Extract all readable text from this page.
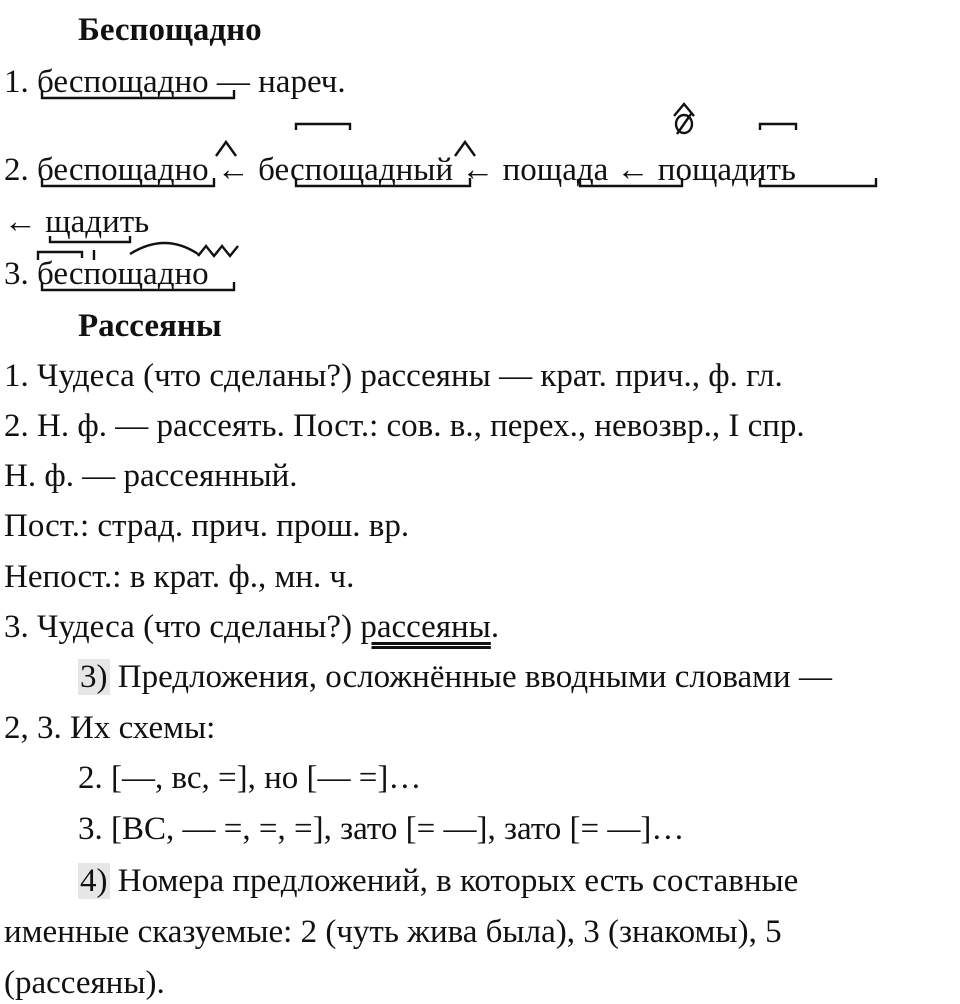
Беспощадно
1. беспощадно — нареч.
2. беспощадно ← беспощадный ← пощада ← пощадить
← щадить
3. беспощадно
Рассеяны
1. Чудеса (что сделаны?) рассеяны — крат. прич., ф. гл.
2. Н. ф. — рассеять. Пост.: сов. в., перех., невозвр., I спр.
Н. ф. — рассеянный.
Пост.: страд. прич. прош. вр.
Непост.: в крат. ф., мн. ч.
3. Чудеса (что сделаны?) рассеяны.
3) Предложения, осложнённые вводными словами —
2, 3. Их схемы:
2. [—, вс, =], но [— =]…
3. [ВС, — =, =, =], зато [= —], зато [= —]…
4) Номера предложений, в которых есть составные
именные сказуемые: 2 (чуть жива была), 3 (знакомы), 5
(рассеяны).
